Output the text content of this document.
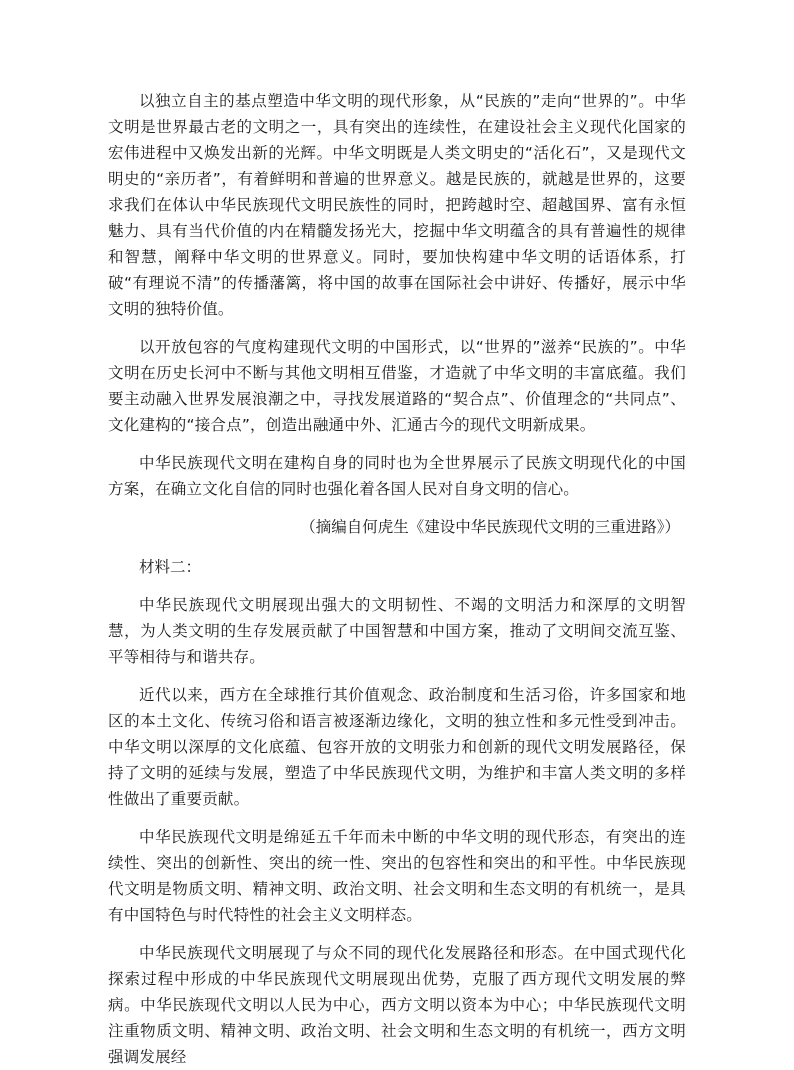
以独立自主的基点塑造中华文明的现代形象，从“民族的”走向“世界的”。中华文明是世界最古老的文明之一，具有突出的连续性，在建设社会主义现代化国家的宏伟进程中又焕发出新的光辉。中华文明既是人类文明史的“活化石”，又是现代文明史的“亲历者”，有着鲜明和普遍的世界意义。越是民族的，就越是世界的，这要求我们在体认中华民族现代文明民族性的同时，把跨越时空、超越国界、富有永恒魅力、具有当代价值的内在精髓发扬光大，挖掘中华文明蕴含的具有普遍性的规律和智慧，阐释中华文明的世界意义。同时，要加快构建中华文明的话语体系，打破“有理说不清”的传播藩篱，将中国的故事在国际社会中讲好、传播好，展示中华文明的独特价值。

以开放包容的气度构建现代文明的中国形式，以“世界的”滋养“民族的”。中华文明在历史长河中不断与其他文明相互借鉴，才造就了中华文明的丰富底蕴。我们要主动融入世界发展浪潮之中，寻找发展道路的“契合点”、价值理念的“共同点”、文化建构的“接合点”，创造出融通中外、汇通古今的现代文明新成果。

中华民族现代文明在建构自身的同时也为全世界展示了民族文明现代化的中国方案，在确立文化自信的同时也强化着各国人民对自身文明的信心。

（摘编自何虎生《建设中华民族现代文明的三重进路》）

材料二：

中华民族现代文明展现出强大的文明韧性、不竭的文明活力和深厚的文明智慧，为人类文明的生存发展贡献了中国智慧和中国方案，推动了文明间交流互鉴、平等相待与和谐共存。

近代以来，西方在全球推行其价值观念、政治制度和生活习俗，许多国家和地区的本土文化、传统习俗和语言被逐渐边缘化，文明的独立性和多元性受到冲击。中华文明以深厚的文化底蕴、包容开放的文明张力和创新的现代文明发展路径，保持了文明的延续与发展，塑造了中华民族现代文明，为维护和丰富人类文明的多样性做出了重要贡献。

中华民族现代文明是绵延五千年而未中断的中华文明的现代形态，有突出的连续性、突出的创新性、突出的统一性、突出的包容性和突出的和平性。中华民族现代文明是物质文明、精神文明、政治文明、社会文明和生态文明的有机统一，是具有中国特色与时代特性的社会主义文明样态。

中华民族现代文明展现了与众不同的现代化发展路径和形态。在中国式现代化探索过程中形成的中华民族现代文明展现出优势，克服了西方现代文明发展的弊病。中华民族现代文明以人民为中心，西方文明以资本为中心；中华民族现代文明注重物质文明、精神文明、政治文明、社会文明和生态文明的有机统一，西方文明强调发展经
